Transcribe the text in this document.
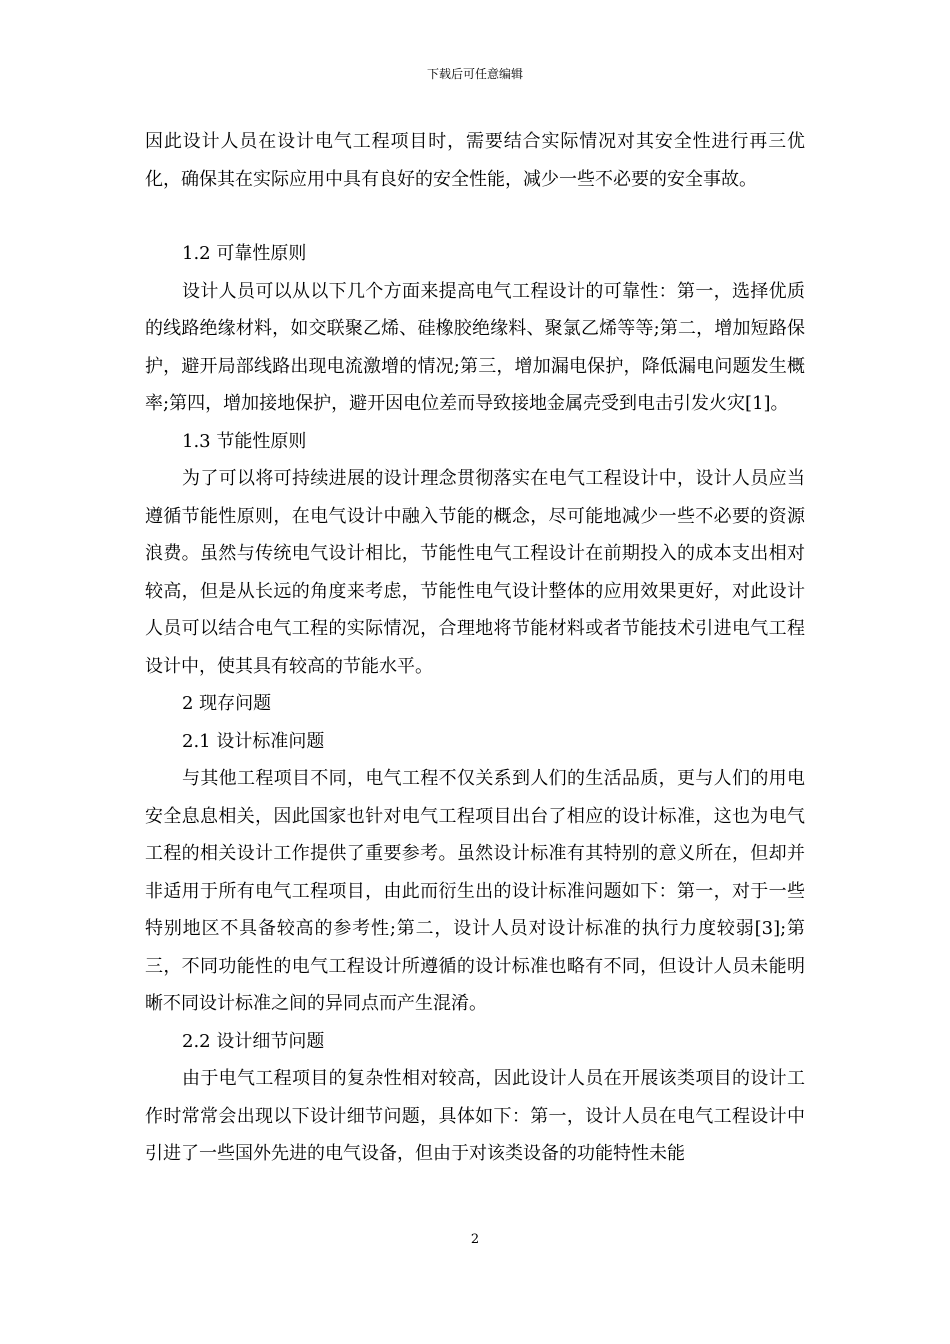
下载后可任意编辑

因此设计人员在设计电气工程项目时，需要结合实际情况对其安全性进行再三优化，确保其在实际应用中具有良好的安全性能，减少一些不必要的安全事故。

1.2 可靠性原则

设计人员可以从以下几个方面来提高电气工程设计的可靠性：第一，选择优质的线路绝缘材料，如交联聚乙烯、硅橡胶绝缘料、聚氯乙烯等等;第二，增加短路保护，避开局部线路出现电流激增的情况;第三，增加漏电保护，降低漏电问题发生概率;第四，增加接地保护，避开因电位差而导致接地金属壳受到电击引发火灾[1]。

1.3 节能性原则

为了可以将可持续进展的设计理念贯彻落实在电气工程设计中，设计人员应当遵循节能性原则，在电气设计中融入节能的概念，尽可能地减少一些不必要的资源浪费。虽然与传统电气设计相比，节能性电气工程设计在前期投入的成本支出相对较高，但是从长远的角度来考虑，节能性电气设计整体的应用效果更好，对此设计人员可以结合电气工程的实际情况，合理地将节能材料或者节能技术引进电气工程设计中，使其具有较高的节能水平。

2 现存问题

2.1 设计标准问题

与其他工程项目不同，电气工程不仅关系到人们的生活品质，更与人们的用电安全息息相关，因此国家也针对电气工程项目出台了相应的设计标准，这也为电气工程的相关设计工作提供了重要参考。虽然设计标准有其特别的意义所在，但却并非适用于所有电气工程项目，由此而衍生出的设计标准问题如下：第一，对于一些特别地区不具备较高的参考性;第二，设计人员对设计标准的执行力度较弱[3];第三，不同功能性的电气工程设计所遵循的设计标准也略有不同，但设计人员未能明晰不同设计标准之间的异同点而产生混淆。

2.2 设计细节问题

由于电气工程项目的复杂性相对较高，因此设计人员在开展该类项目的设计工作时常常会出现以下设计细节问题，具体如下：第一，设计人员在电气工程设计中引进了一些国外先进的电气设备，但由于对该类设备的功能特性未能

2
